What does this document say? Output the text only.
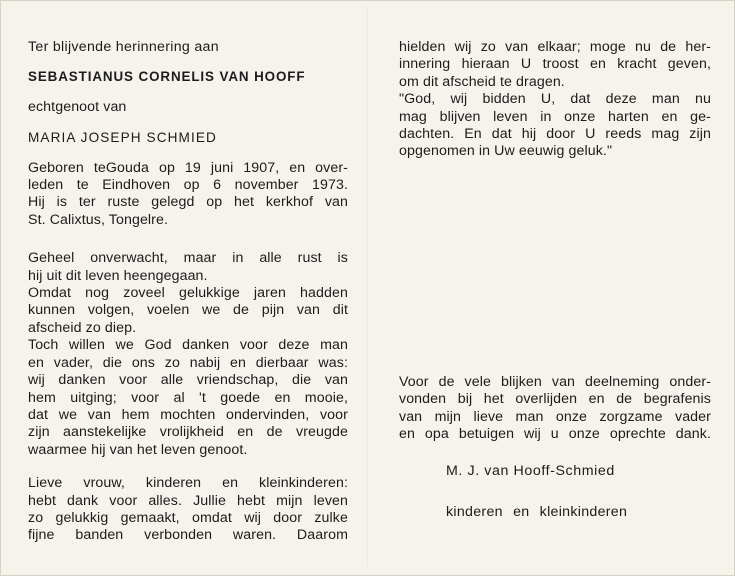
Ter blijvende herinnering aan
SEBASTIANUS CORNELIS VAN HOOFF
echtgenoot van
MARIA JOSEPH SCHMIED
Geboren teGouda op 19 juni 1907, en over-
leden te Eindhoven op 6 november 1973.
Hij is ter ruste gelegd op het kerkhof van
St. Calixtus, Tongelre.
Geheel onverwacht, maar in alle rust is
hij uit dit leven heengegaan.
Omdat nog zoveel gelukkige jaren hadden
kunnen volgen, voelen we de pijn van dit
afscheid zo diep.
Toch willen we God danken voor deze man
en vader, die ons zo nabij en dierbaar was:
wij danken voor alle vriendschap, die van
hem uitging; voor al 't goede en mooie,
dat we van hem mochten ondervinden, voor
zijn aanstekelijke vrolijkheid en de vreugde
waarmee hij van het leven genoot.
Lieve vrouw, kinderen en kleinkinderen:
hebt dank voor alles. Jullie hebt mijn leven
zo gelukkig gemaakt, omdat wij door zulke
fijne banden verbonden waren. Daarom
hielden wij zo van elkaar; moge nu de her-
innering hieraan U troost en kracht geven,
om dit afscheid te dragen.
"God, wij bidden U, dat deze man nu
mag blijven leven in onze harten en ge-
dachten. En dat hij door U reeds mag zijn
opgenomen in Uw eeuwig geluk."
Voor de vele blijken van deelneming onder-
vonden bij het overlijden en de begrafenis
van mijn lieve man onze zorgzame vader
en opa betuigen wij u onze oprechte dank.
M. J. van Hooff-Schmied
kinderen en kleinkinderen
